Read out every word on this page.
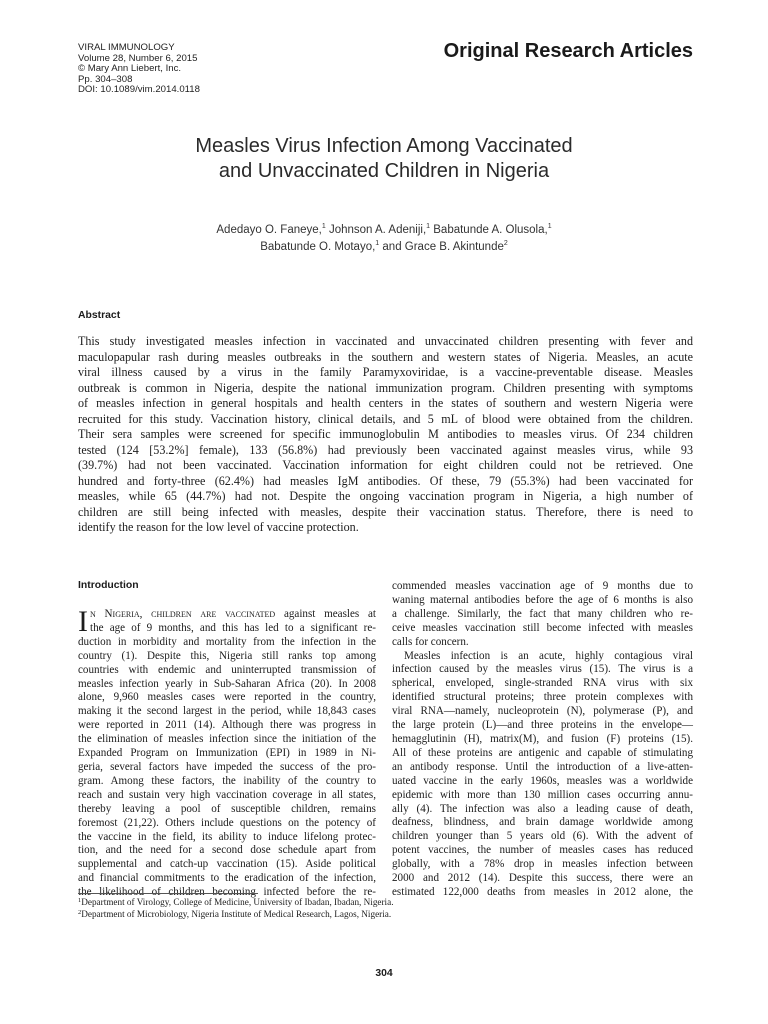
VIRAL IMMUNOLOGY
Volume 28, Number 6, 2015
© Mary Ann Liebert, Inc.
Pp. 304–308
DOI: 10.1089/vim.2014.0118
Original Research Articles
Measles Virus Infection Among Vaccinated
and Unvaccinated Children in Nigeria
Adedayo O. Faneye,$^1$ Johnson A. Adeniji,$^1$ Babatunde A. Olusola,$^1$
Babatunde O. Motayo,$^1$ and Grace B. Akintunde$^2$
Abstract
This study investigated measles infection in vaccinated and unvaccinated children presenting with fever and
maculopapular rash during measles outbreaks in the southern and western states of Nigeria. Measles, an acute
viral illness caused by a virus in the family Paramyxoviridae, is a vaccine-preventable disease. Measles
outbreak is common in Nigeria, despite the national immunization program. Children presenting with symptoms
of measles infection in general hospitals and health centers in the states of southern and western Nigeria were
recruited for this study. Vaccination history, clinical details, and 5 mL of blood were obtained from the children.
Their sera samples were screened for specific immunoglobulin M antibodies to measles virus. Of 234 children
tested (124 [53.2%] female), 133 (56.8%) had previously been vaccinated against measles virus, while 93
(39.7%) had not been vaccinated. Vaccination information for eight children could not be retrieved. One
hundred and forty-three (62.4%) had measles IgM antibodies. Of these, 79 (55.3%) had been vaccinated for
measles, while 65 (44.7%) had not. Despite the ongoing vaccination program in Nigeria, a high number of
children are still being infected with measles, despite their vaccination status. Therefore, there is need to
identify the reason for the low level of vaccine protection.
Introduction
I n Nigeria, children are vaccinated against measles at
the age of 9 months, and this has led to a significant re-
duction in morbidity and mortality from the infection in the
country (1). Despite this, Nigeria still ranks top among
countries with endemic and uninterrupted transmission of
measles infection yearly in Sub-Saharan Africa (20). In 2008
alone, 9,960 measles cases were reported in the country,
making it the second largest in the period, while 18,843 cases
were reported in 2011 (14). Although there was progress in
the elimination of measles infection since the initiation of the
Expanded Program on Immunization (EPI) in 1989 in Ni-
geria, several factors have impeded the success of the pro-
gram. Among these factors, the inability of the country to
reach and sustain very high vaccination coverage in all states,
thereby leaving a pool of susceptible children, remains
foremost (21,22). Others include questions on the potency of
the vaccine in the field, its ability to induce lifelong protec-
tion, and the need for a second dose schedule apart from
supplemental and catch-up vaccination (15). Aside political
and financial commitments to the eradication of the infection,
the likelihood of children becoming infected before the re-
commended measles vaccination age of 9 months due to
waning maternal antibodies before the age of 6 months is also
a challenge. Similarly, the fact that many children who re-
ceive measles vaccination still become infected with measles
calls for concern.
Measles infection is an acute, highly contagious viral
infection caused by the measles virus (15). The virus is a
spherical, enveloped, single-stranded RNA virus with six
identified structural proteins; three protein complexes with
viral RNA—namely, nucleoprotein (N), polymerase (P), and
the large protein (L)—and three proteins in the envelope—
hemagglutinin (H), matrix(M), and fusion (F) proteins (15).
All of these proteins are antigenic and capable of stimulating
an antibody response. Until the introduction of a live-atten-
uated vaccine in the early 1960s, measles was a worldwide
epidemic with more than 130 million cases occurring annu-
ally (4). The infection was also a leading cause of death,
deafness, blindness, and brain damage worldwide among
children younger than 5 years old (6). With the advent of
potent vaccines, the number of measles cases has reduced
globally, with a 78% drop in measles infection between
2000 and 2012 (14). Despite this success, there were an
estimated 122,000 deaths from measles in 2012 alone, the
$^1$Department of Virology, College of Medicine, University of Ibadan, Ibadan, Nigeria.
$^2$Department of Microbiology, Nigeria Institute of Medical Research, Lagos, Nigeria.
304
